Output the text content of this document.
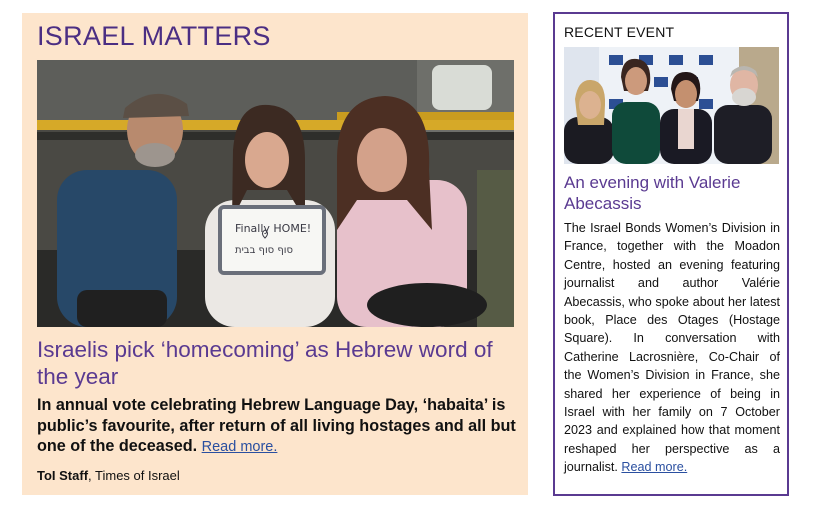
ISRAEL MATTERS
Finally HOME!
סוף סוף בבית
Israelis pick ‘homecoming’ as Hebrew word of the year
In annual vote celebrating Hebrew Language Day, ‘habaita’ is public’s favourite, after return of all living hostages and all but one of the deceased. Read more.
ToI Staff, Times of Israel
RECENT EVENT
An evening with Valerie Abecassis
The Israel Bonds Women’s Division in France, together with the Moadon Centre, hosted an evening featuring journalist and author Valérie Abecassis, who spoke about her latest book, Place des Otages (Hostage Square). In conversation with Catherine Lacrosnière, Co-Chair of the Women’s Division in France, she shared her experience of being in Israel with her family on 7 October 2023 and explained how that moment reshaped her perspective as a journalist. Read more.
